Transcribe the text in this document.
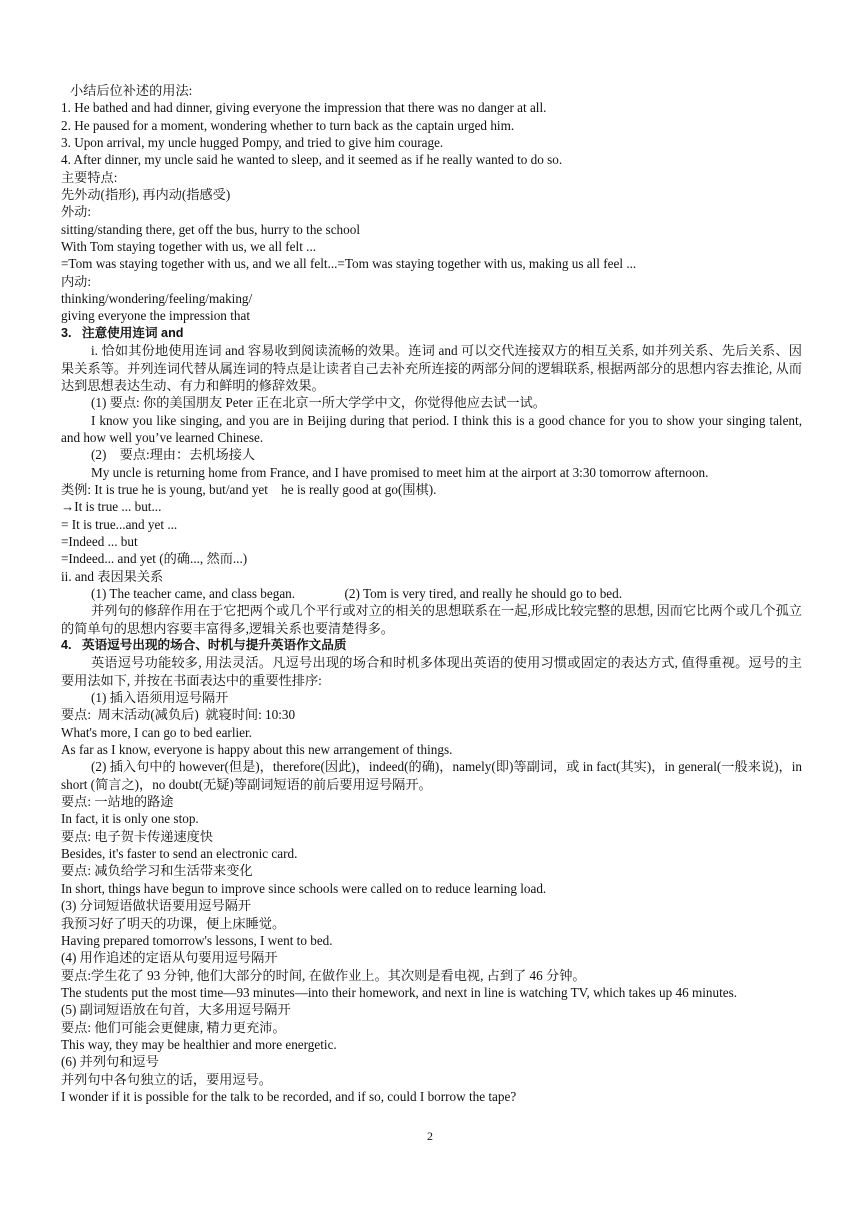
小结后位补述的用法:

1. He bathed and had dinner, giving everyone the impression that there was no danger at all.

2. He paused for a moment, wondering whether to turn back as the captain urged him.

3. Upon arrival, my uncle hugged Pompy, and tried to give him courage.

4. After dinner, my uncle said he wanted to sleep, and it seemed as if he really wanted to do so.

主要特点:

先外动(指形), 再内动(指感受)

外动:

sitting/standing there, get off the bus, hurry to the school

With Tom staying together with us, we all felt ...

=Tom was staying together with us, and we all felt...=Tom was staying together with us, making us all feel ...

内动:

thinking/wondering/feeling/making/

giving everyone the impression that

3.   注意使用连词 and

i. 恰如其份地使用连词 and 容易收到阅读流畅的效果。连词 and 可以交代连接双方的相互关系, 如并列关系、先后关系、因果关系等。并列连词代替从属连词的特点是让读者自己去补充所连接的两部分间的逻辑联系, 根据两部分的思想内容去推论, 从而达到思想表达生动、有力和鲜明的修辞效果。

(1) 要点: 你的美国朋友 Peter 正在北京一所大学学中文，你觉得他应去试一试。

I know you like singing, and you are in Beijing during that period. I think this is a good chance for you to show your singing talent, and how well you’ve learned Chinese.

(2)    要点:理由：去机场接人

My uncle is returning home from France, and I have promised to meet him at the airport at 3:30 tomorrow afternoon.

类例: It is true he is young, but/and yet    he is really good at go(围棋).

→It is true ... but...

= It is true...and yet ...

=Indeed ... but

=Indeed... and yet (的确..., 然而...)

ii. and 表因果关系

(1) The teacher came, and class began.               (2) Tom is very tired, and really he should go to bed.

并列句的修辞作用在于它把两个或几个平行或对立的相关的思想联系在一起,形成比较完整的思想, 因而它比两个或几个孤立的简单句的思想内容要丰富得多,逻辑关系也要清楚得多。

4.   英语逗号出现的场合、时机与提升英语作文品质

英语逗号功能较多, 用法灵活。凡逗号出现的场合和时机多体现出英语的使用习惯或固定的表达方式, 值得重视。逗号的主要用法如下, 并按在书面表达中的重要性排序:

(1) 插入语须用逗号隔开

要点:  周末活动(减负后)  就寝时间: 10:30

What's more, I can go to bed earlier.

As far as I know, everyone is happy about this new arrangement of things.

(2) 插入句中的 however(但是)，therefore(因此)，indeed(的确)，namely(即)等副词，或 in fact(其实)，in general(一般来说)，in short (简言之)，no doubt(无疑)等副词短语的前后要用逗号隔开。

要点: 一站地的路途

In fact, it is only one stop.

要点: 电子贺卡传递速度快

Besides, it's faster to send an electronic card.

要点: 减负给学习和生活带来变化

In short, things have begun to improve since schools were called on to reduce learning load.

(3) 分词短语做状语要用逗号隔开

我预习好了明天的功课，便上床睡觉。

Having prepared tomorrow's lessons, I went to bed.

(4) 用作追述的定语从句要用逗号隔开

要点:学生花了 93 分钟, 他们大部分的时间, 在做作业上。其次则是看电视, 占到了 46 分钟。

The students put the most time—93 minutes—into their homework, and next in line is watching TV, which takes up 46 minutes.

(5) 副词短语放在句首，大多用逗号隔开

要点: 他们可能会更健康, 精力更充沛。

This way, they may be healthier and more energetic.

(6) 并列句和逗号

并列句中各句独立的话，要用逗号。

I wonder if it is possible for the talk to be recorded, and if so, could I borrow the tape?

2
